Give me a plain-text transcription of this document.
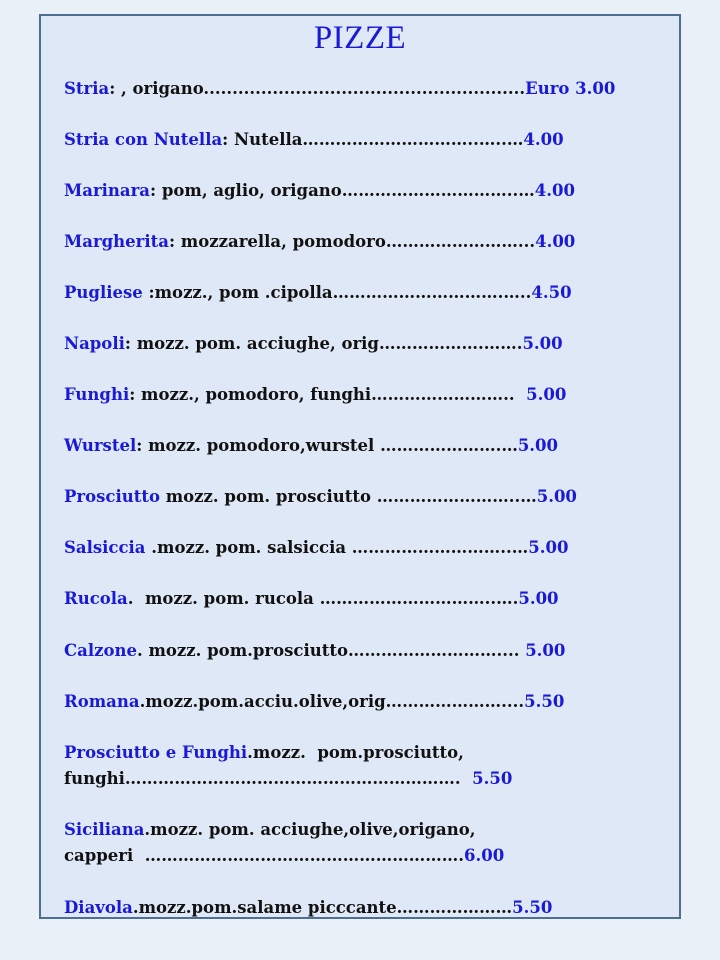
PIZZE
Stria: , origano........................................................Euro 3.00
Stria con Nutella: Nutella…………………………..…..…4.00
Marinara: pom, aglio, origano…………………………..…4.00
Margherita: mozzarella, pomodoro……………………...4.00
Pugliese :mozz., pom .cipolla………………………….…..4.50
Napoli: mozz. pom. acciughe, orig……………….…….5.00
Funghi: mozz., pomodoro, funghi……………………..  5.00
Wurstel: mozz. pomodoro,wurstel ………………….…5.00
Prosciutto mozz. pom. prosciutto ……………………..…5.00
Salsiccia .mozz. pom. salsiccia ………………………..…5.00
Rucola.  mozz. pom. rucola …………………………..….5.00
Calzone. mozz. pom.prosciutto……………………….... 5.00
Romana.mozz.pom.acciu.olive,orig…………………....5.50
Prosciutto e Funghi.mozz.  pom.prosciutto,
funghi…………………………………………………….  5.50
Siciliana.mozz. pom. acciughe,olive,origano,
capperi  ………………………………………………….6.00
Diavola.mozz.pom.salame picccante…………………5.50
